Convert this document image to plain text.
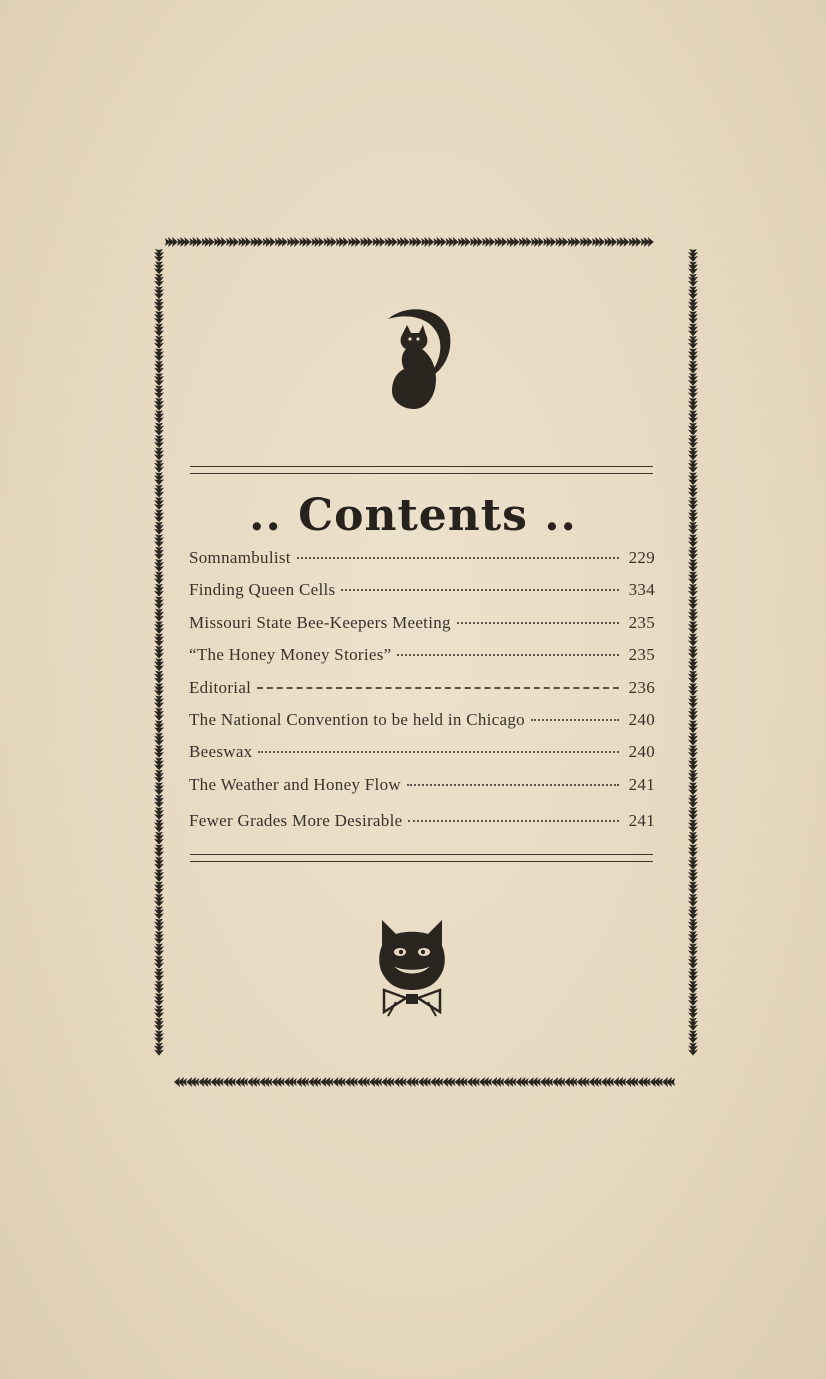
.. Contents ..
Somnambulist	229
Finding Queen Cells	334
Missouri State Bee-Keepers Meeting	235
“The Honey Money Stories”	235
Editorial	236
The National Convention to be held in Chicago	240
Beeswax	240
The Weather and Honey Flow	241
Fewer Grades More Desirable	241
